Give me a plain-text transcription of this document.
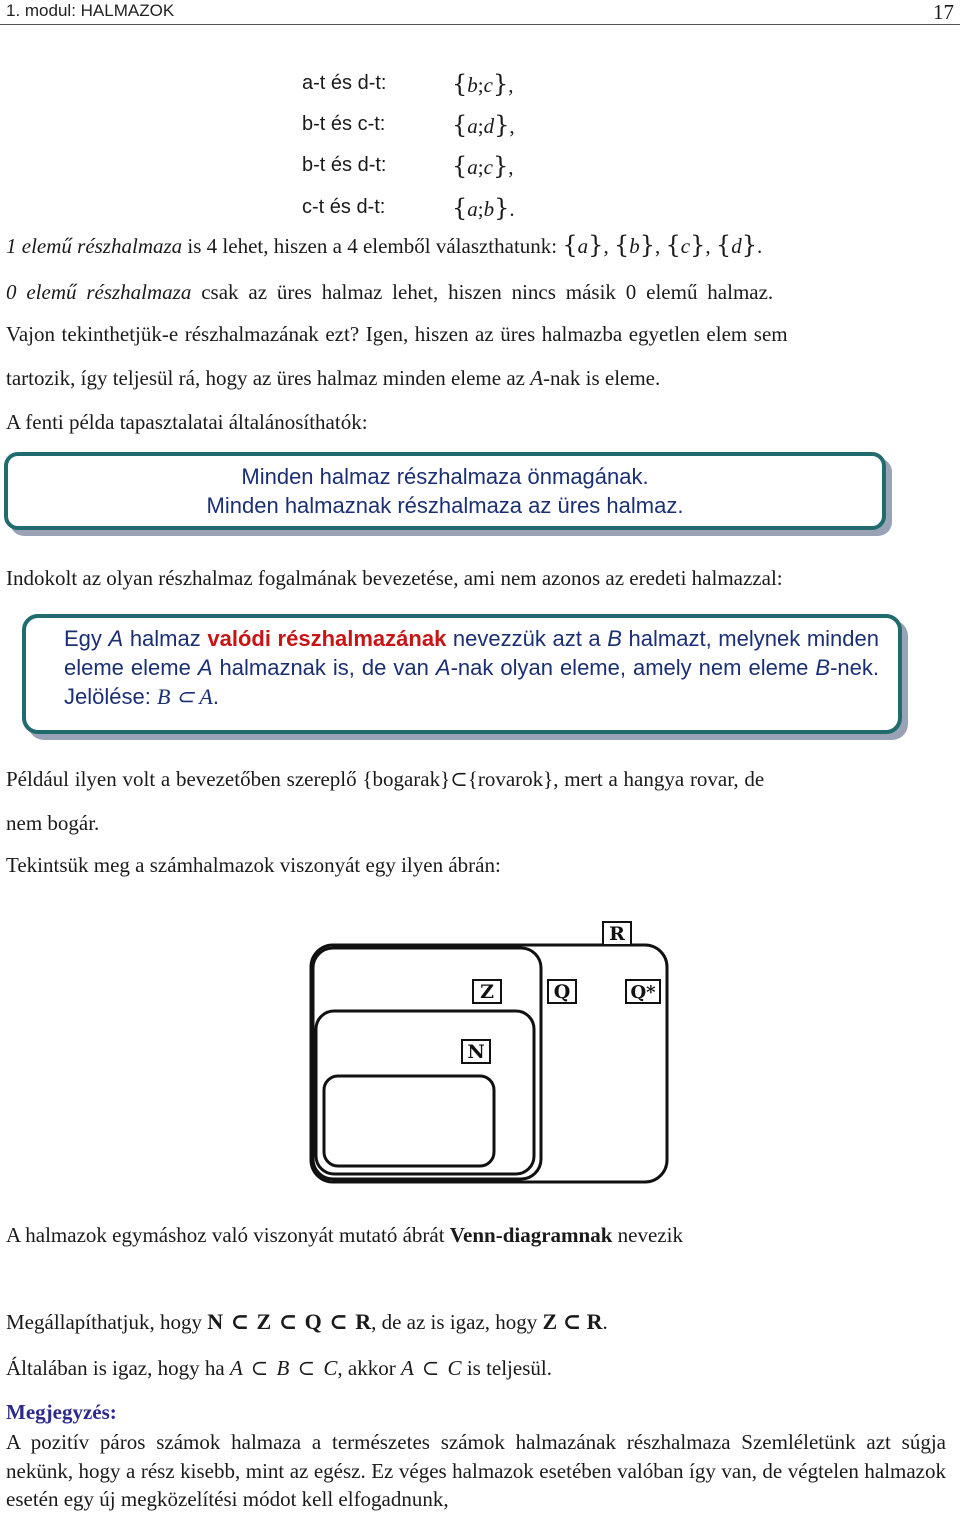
1. modul: HALMAZOK	17
a-t és d-t:	{b;c},
b-t és c-t:	{a;d},
b-t és d-t:	{a;c},
c-t és d-t:	{a;b}.
1 elemű részhalmaza is 4 lehet, hiszen a 4 elemből választhatunk: {a}, {b}, {c}, {d}.
0 elemű részhalmaza csak az üres halmaz lehet, hiszen nincs másik 0 elemű halmaz.
Vajon tekinthetjük-e részhalmazának ezt? Igen, hiszen az üres halmazba egyetlen elem sem
tartozik, így teljesül rá, hogy az üres halmaz minden eleme az A-nak is eleme.
A fenti példa tapasztalatai általánosíthatók:
Minden halmaz részhalmaza önmagának.
Minden halmaznak részhalmaza az üres halmaz.
Indokolt az olyan részhalmaz fogalmának bevezetése, ami nem azonos az eredeti halmazzal:
Egy A halmaz valódi részhalmazának nevezzük azt a B halmazt, melynek minden eleme eleme A halmaznak is, de van A-nak olyan eleme, amely nem eleme B-nek. Jelölése: B ⊂ A.
Például ilyen volt a bevezetőben szereplő {bogarak}⊂{rovarok}, mert a hangya rovar, de
nem bogár.
Tekintsük meg a számhalmazok viszonyát egy ilyen ábrán:
R
Z	Q	Q*
N
A halmazok egymáshoz való viszonyát mutató ábrát Venn-diagramnak nevezik
Megállapíthatjuk, hogy N ⊂ Z ⊂ Q ⊂ R, de az is igaz, hogy Z ⊂ R.
Általában is igaz, hogy ha A ⊂ B ⊂ C, akkor A ⊂ C is teljesül.
Megjegyzés:
A pozitív páros számok halmaza a természetes számok halmazának részhalmaza Szemléletünk azt súgja nekünk, hogy a rész kisebb, mint az egész. Ez véges halmazok esetében valóban így van, de végtelen halmazok esetén egy új megközelítési módot kell elfogadnunk,
